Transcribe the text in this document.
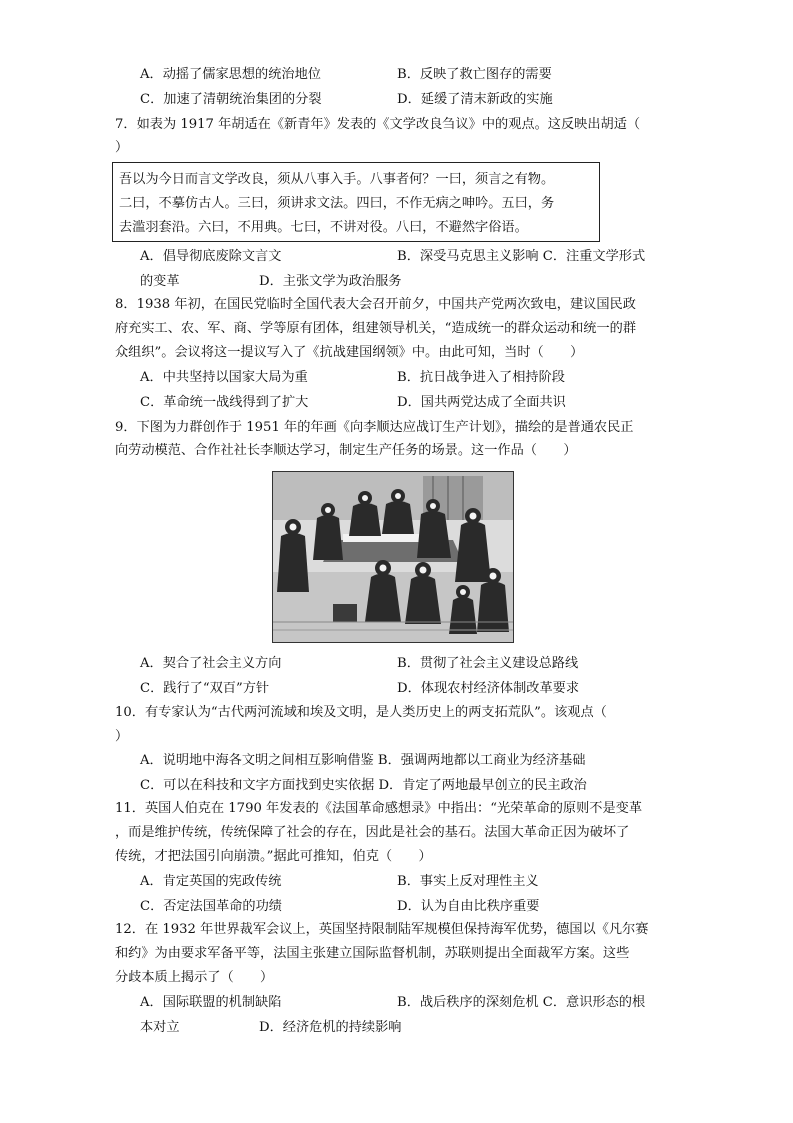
A．动摇了儒家思想的统治地位	B．反映了救亡图存的需要
C．加速了清朝统治集团的分裂	D．延缓了清末新政的实施
7．如表为 1917 年胡适在《新青年》发表的《文学改良刍议》中的观点。这反映出胡适（
）
吾以为今日而言文学改良，须从八事入手。八事者何？一曰，须言之有物。
二曰，不摹仿古人。三曰，须讲求文法。四曰，不作无病之呻吟。五曰，务
去滥羽套沿。六曰，不用典。七曰，不讲对役。八曰，不避然字俗语。
A．倡导彻底废除文言文	B．深受马克思主义影响 C．注重文学形式
的变革	D．主张文学为政治服务
8．1938 年初，在国民党临时全国代表大会召开前夕，中国共产党两次致电，建议国民政
府充实工、农、军、商、学等原有团体，组建领导机关，“造成统一的群众运动和统一的群
众组织”。会议将这一提议写入了《抗战建国纲领》中。由此可知，当时（　　）
A．中共坚持以国家大局为重	B．抗日战争进入了相持阶段
C．革命统一战线得到了扩大	D．国共两党达成了全面共识
9．下图为力群创作于 1951 年的年画《向李顺达应战订生产计划》，描绘的是普通农民正
向劳动模范、合作社社长李顺达学习，制定生产任务的场景。这一作品（　　）
A．契合了社会主义方向	B．贯彻了社会主义建设总路线
C．践行了“双百”方针	D．体现农村经济体制改革要求
10．有专家认为“古代两河流域和埃及文明，是人类历史上的两支拓荒队”。该观点（
）
A．说明地中海各文明之间相互影响借鉴 B．强调两地都以工商业为经济基础
C．可以在科技和文字方面找到史实依据 D．肯定了两地最早创立的民主政治
11．英国人伯克在 1790 年发表的《法国革命感想录》中指出：“光荣革命的原则不是变革
，而是维护传统，传统保障了社会的存在，因此是社会的基石。法国大革命正因为破坏了
传统，才把法国引向崩溃。”据此可推知，伯克（　　）
A．肯定英国的宪政传统	B．事实上反对理性主义
C．否定法国革命的功绩	D．认为自由比秩序重要
12．在 1932 年世界裁军会议上，英国坚持限制陆军规模但保持海军优势，德国以《凡尔赛
和约》为由要求军备平等，法国主张建立国际监督机制，苏联则提出全面裁军方案。这些
分歧本质上揭示了（　　）
A．国际联盟的机制缺陷	B．战后秩序的深刻危机 C．意识形态的根
本对立	D．经济危机的持续影响
